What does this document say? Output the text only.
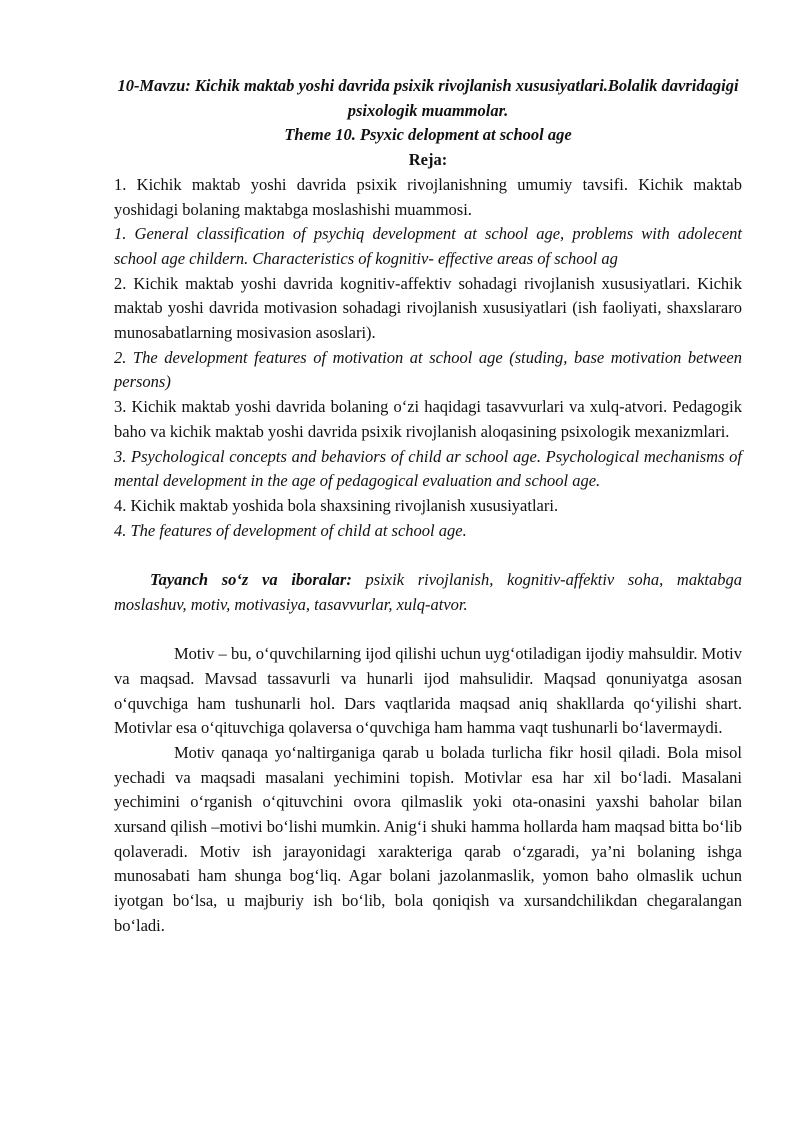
10-Mavzu: Kichik maktab yoshi davrida psixik rivojlanish xususiyatlari.Bolalik davridagigi psixologik muammolar.

Theme 10. Psyxic delopment at school age

Reja:

1. Kichik maktab yoshi davrida psixik rivojlanishning umumiy tavsifi. Kichik maktab yoshidagi bolaning maktabga moslashishi muammosi.

1. General classification of psychiq development at school age, problems with adolecent school age childern. Characteristics of kognitiv- effective areas of school ag

2. Kichik maktab yoshi davrida kognitiv-affektiv sohadagi rivojlanish xususiyatlari. Kichik maktab yoshi davrida motivasion sohadagi rivojlanish xususiyatlari (ish faoliyati, shaxslararo munosabatlarning mosivasion asoslari).

2. The development features of motivation at school age (studing, base motivation between persons)

3. Kichik maktab yoshi davrida bolaning o‘zi haqidagi tasavvurlari va xulq-atvori. Pedagogik baho va kichik maktab yoshi davrida psixik rivojlanish aloqasining psixologik mexanizmlari.

3. Psychological concepts and behaviors of child ar school age. Psychological mechanisms of mental development in the age of pedagogical evaluation and school age.

4. Kichik maktab yoshida bola shaxsining rivojlanish xususiyatlari.

4. The features of development of child at school age.

Tayanch so‘z va iboralar: psixik rivojlanish, kognitiv-affektiv soha, maktabga moslashuv, motiv, motivasiya, tasavvurlar, xulq-atvor.

Motiv – bu, o‘quvchilarning ijod qilishi uchun uyg‘otiladigan ijodiy mahsuldir. Motiv va maqsad. Mavsad tassavurli va hunarli ijod mahsulidir. Maqsad qonuniyatga asosan o‘quvchiga ham tushunarli hol. Dars vaqtlarida maqsad aniq shakllarda qo‘yilishi shart. Motivlar esa o‘qituvchiga qolaversa o‘quvchiga ham hamma vaqt tushunarli bo‘lavermaydi.

Motiv qanaqa yo‘naltirganiga qarab u bolada turlicha fikr hosil qiladi. Bola misol yechadi va maqsadi masalani yechimini topish. Motivlar esa har xil bo‘ladi. Masalani yechimini o‘rganish o‘qituvchini ovora qilmaslik yoki ota-onasini yaxshi baholar bilan xursand qilish –motivi bo‘lishi mumkin. Anig‘i shuki hamma hollarda ham maqsad bitta bo‘lib qolaveradi. Motiv ish jarayonidagi xarakteriga qarab o‘zgaradi, ya’ni bolaning ishga munosabati ham shunga bog‘liq. Agar bolani jazolanmaslik, yomon baho olmaslik uchun iyotgan bo‘lsa, u majburiy ish bo‘lib, bola qoniqish va xursandchilikdan chegaralangan bo‘ladi.
